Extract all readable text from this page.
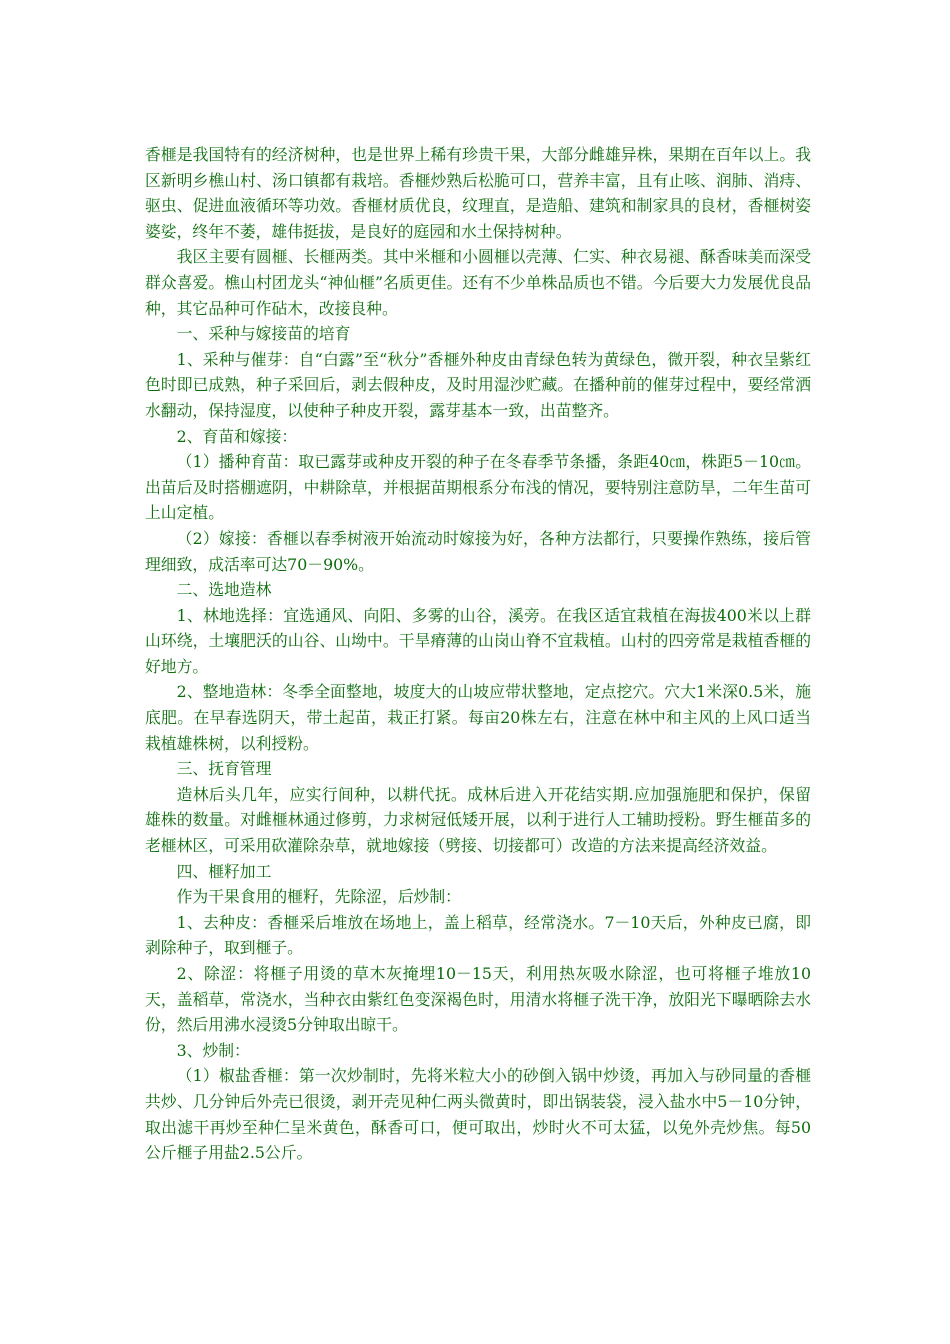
香榧是我国特有的经济树种，也是世界上稀有珍贵干果，大部分雌雄异株，果期在百年以上。我区新明乡樵山村、汤口镇都有栽培。香榧炒熟后松脆可口，营养丰富，且有止咳、润肺、消痔、驱虫、促进血液循环等功效。香榧材质优良，纹理直，是造船、建筑和制家具的良材，香榧树姿婆娑，终年不萎，雄伟挺拔，是良好的庭园和水土保持树种。

我区主要有圆榧、长榧两类。其中米榧和小圆榧以壳薄、仁实、种衣易褪、酥香味美而深受群众喜爱。樵山村团龙头“神仙榧”名质更佳。还有不少单株品质也不错。今后要大力发展优良品种，其它品种可作砧木，改接良种。

一、采种与嫁接苗的培育

1、采种与催芽：自“白露”至“秋分”香榧外种皮由青绿色转为黄绿色，微开裂，种衣呈紫红色时即已成熟，种子采回后，剥去假种皮，及时用湿沙贮藏。在播种前的催芽过程中，要经常洒水翻动，保持湿度，以使种子种皮开裂，露芽基本一致，出苗整齐。

2、育苗和嫁接：

（1）播种育苗：取已露芽或种皮开裂的种子在冬春季节条播，条距40㎝，株距5－10㎝。出苗后及时搭棚遮阴，中耕除草，并根据苗期根系分布浅的情况，要特别注意防旱，二年生苗可上山定植。

（2）嫁接：香榧以春季树液开始流动时嫁接为好，各种方法都行，只要操作熟练，接后管理细致，成活率可达70－90%。

二、选地造林

1、林地选择：宜选通风、向阳、多雾的山谷，溪旁。在我区适宜栽植在海拔400米以上群山环绕，土壤肥沃的山谷、山坳中。干旱瘠薄的山岗山脊不宜栽植。山村的四旁常是栽植香榧的好地方。

2、整地造林：冬季全面整地，坡度大的山坡应带状整地，定点挖穴。穴大1米深0.5米，施底肥。在早春选阴天，带土起苗，栽正打紧。每亩20株左右，注意在林中和主风的上风口适当栽植雄株树，以利授粉。

三、抚育管理

造林后头几年，应实行间种，以耕代抚。成林后进入开花结实期.应加强施肥和保护，保留雄株的数量。对雌榧林通过修剪，力求树冠低矮开展，以利于进行人工辅助授粉。野生榧苗多的老榧林区，可采用砍灌除杂草，就地嫁接（劈接、切接都可）改造的方法来提高经济效益。

四、榧籽加工

作为干果食用的榧籽，先除涩，后炒制：

1、去种皮：香榧采后堆放在场地上，盖上稻草，经常浇水。7－10天后，外种皮已腐，即剥除种子，取到榧子。

2、除涩：将榧子用烫的草木灰掩埋10－15天，利用热灰吸水除涩，也可将榧子堆放10天，盖稻草，常浇水，当种衣由紫红色变深褐色时，用清水将榧子洗干净，放阳光下曝晒除去水份，然后用沸水浸烫5分钟取出晾干。

3、炒制：

（1）椒盐香榧：第一次炒制时，先将米粒大小的砂倒入锅中炒烫，再加入与砂同量的香榧共炒、几分钟后外壳已很烫，剥开壳见种仁两头微黄时，即出锅装袋，浸入盐水中5－10分钟，取出滤干再炒至种仁呈米黄色，酥香可口，便可取出，炒时火不可太猛，以免外壳炒焦。每50公斤榧子用盐2.5公斤。
